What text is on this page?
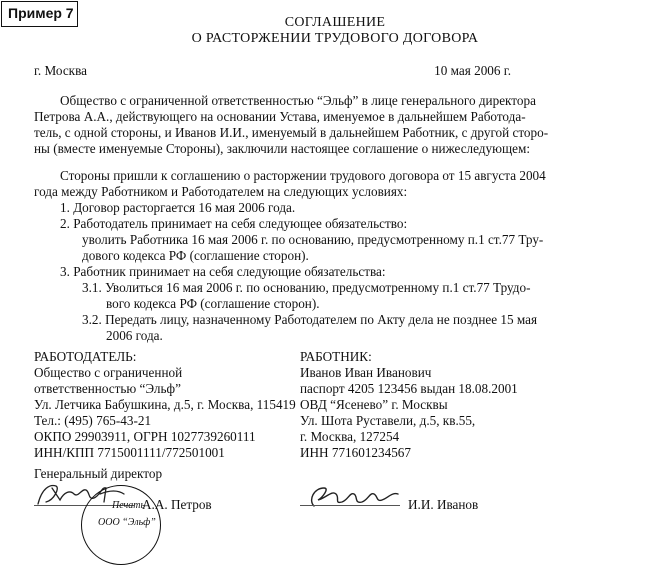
Пример 7
СОГЛАШЕНИЕ
О РАСТОРЖЕНИИ ТРУДОВОГО ДОГОВОРА
г. Москва	10 мая 2006 г.
Общество с ограниченной ответственностью “Эльф” в лице генерального директора
Петрова А.А., действующего на основании Устава, именуемое в дальнейшем Работода-
тель, с одной стороны, и Иванов И.И., именуемый в дальнейшем Работник, с другой сторо-
ны (вместе именуемые Стороны), заключили настоящее соглашение о нижеследующем:
Стороны пришли к соглашению о расторжении трудового договора от 15 августа 2004
года между Работником и Работодателем на следующих условиях:
1. Договор расторгается 16 мая 2006 года.
2. Работодатель принимает на себя следующее обязательство:
уволить Работника 16 мая 2006 г. по основанию, предусмотренному п.1 ст.77 Тру-
дового кодекса РФ (соглашение сторон).
3. Работник принимает на себя следующие обязательства:
3.1. Уволиться 16 мая 2006 г. по основанию, предусмотренному п.1 ст.77 Трудо-
вого кодекса РФ (соглашение сторон).
3.2. Передать лицу, назначенному Работодателем по Акту дела не позднее 15 мая
2006 года.
РАБОТОДАТЕЛЬ:
Общество с ограниченной
ответственностью “Эльф”
Ул. Летчика Бабушкина, д.5, г. Москва, 115419
Тел.: (495) 765-43-21
ОКПО 29903911, ОГРН 1027739260111
ИНН/КПП 7715001111/772501001
РАБОТНИК:
Иванов Иван Иванович
паспорт 4205 123456 выдан 18.08.2001
ОВД “Ясенево” г. Москвы
Ул. Шота Руставели, д.5, кв.55,
г. Москва, 127254
ИНН 771601234567
Генеральный директор
А.А. Петров
Печать
ООО “Эльф”
И.И. Иванов
